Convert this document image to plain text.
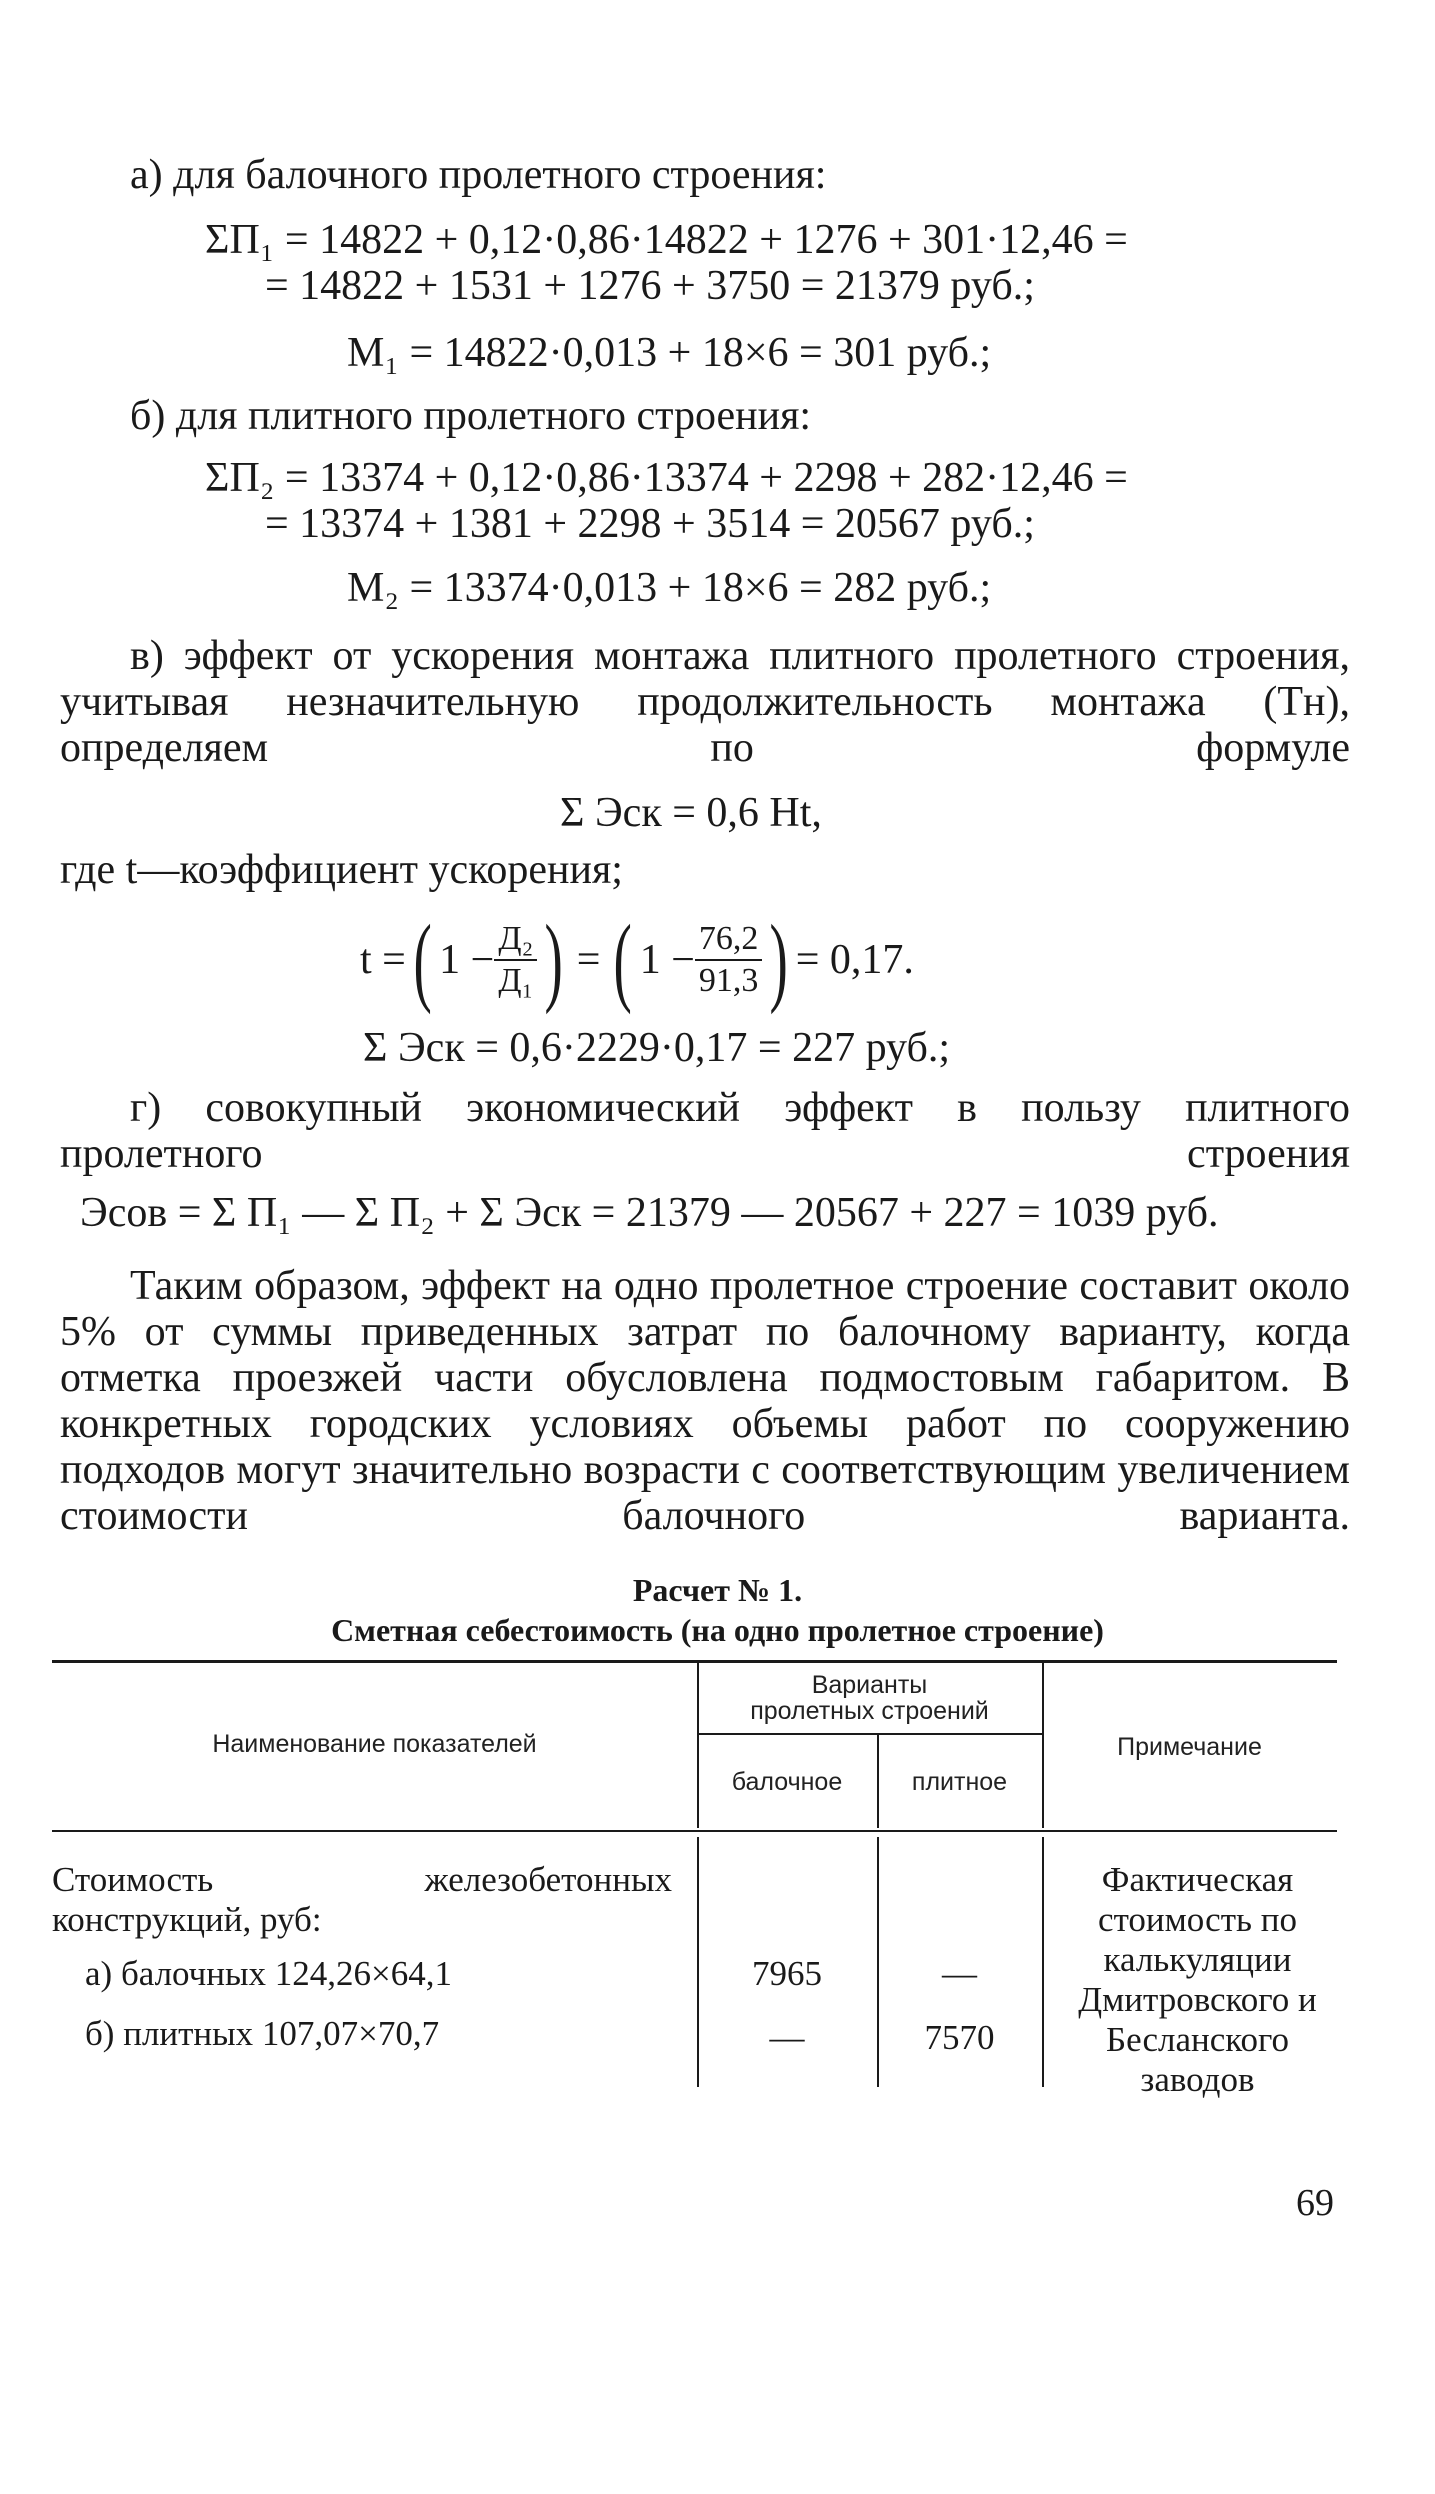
а) для балочного пролетного строения:
ΣП₁ = 14822 + 0,12·0,86·14822 + 1276 + 301·12,46 =
= 14822 + 1531 + 1276 + 3750 = 21379 руб.;
M₁ = 14822·0,013 + 18×6 = 301 руб.;
б) для плитного пролетного строения:
ΣП₂ = 13374 + 0,12·0,86·13374 + 2298 + 282·12,46 =
= 13374 + 1381 + 2298 + 3514 = 20567 руб.;
M₂ = 13374·0,013 + 18×6 = 282 руб.;
в) эффект от ускорения монтажа плитного пролетного строения, учитывая незначительную продолжительность монтажа (Тн), определяем по формуле
Σ Эск = 0,6 Ht,
где t—коэффициент ускорения;
t = ( $1 - \frac{\text{Д₂}}{\text{Д₁}}$ ) = ( $1 - \frac{76,2}{91,3}$ ) = 0,17.
Σ Эск = 0,6·2229·0,17 = 227 руб.;
г) совокупный экономический эффект в пользу плитного пролетного строения
Эсов = Σ П₁ — Σ П₂ + Σ Эск = 21379 — 20567 + 227 = 1039 руб.
Таким образом, эффект на одно пролетное строение составит около 5% от суммы приведенных затрат по балочному варианту, когда отметка проезжей части обусловлена подмостовым габаритом. В конкретных городских условиях объемы работ по сооружению подходов могут значительно возрасти с соответствующим увеличением стоимости балочного варианта.
Расчет № 1.
Сметная себестоимость (на одно пролетное строение)
Наименование показателей
Варианты пролетных строений
балочное	плитное
Примечание
Стоимость железобетонных конструкций, руб:
а) балочных 124,26×64,1	7965	—
б) плитных 107,07×70,7	—	7570
Фактическая стоимость по калькуляции Дмитровского и Бесланского заводов
69
